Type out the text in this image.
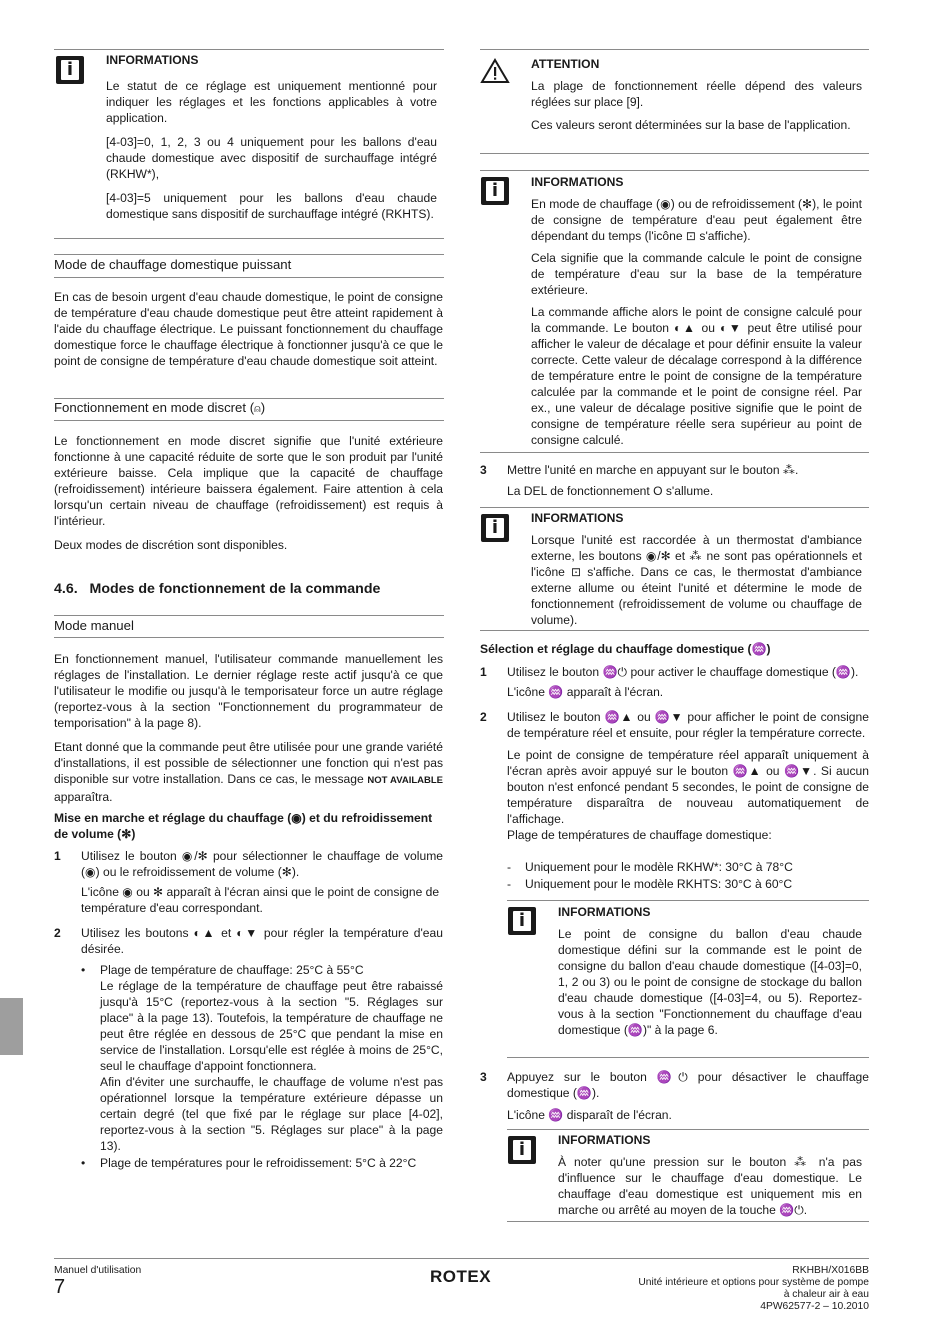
i	INFORMATIONS

Le statut de ce réglage est uniquement mentionné pour indiquer les réglages et les fonctions applicables à votre application.

[4-03]=0, 1, 2, 3 ou 4 uniquement pour les ballons d'eau chaude domestique avec dispositif de surchauffage intégré (RKHW*),

[4-03]=5 uniquement pour les ballons d'eau chaude domestique sans dispositif de surchauffage intégré (RKHTS).

Mode de chauffage domestique puissant

En cas de besoin urgent d'eau chaude domestique, le point de consigne de température d'eau chaude domestique peut être atteint rapidement à l'aide du chauffage électrique. Le puissant fonctionnement du chauffage domestique force le chauffage électrique à fonctionner jusqu'à ce que le point de consigne de température d'eau chaude domestique soit atteint.

Fonctionnement en mode discret (⍝)

Le fonctionnement en mode discret signifie que l'unité extérieure fonctionne à une capacité réduite de sorte que le son produit par l'unité extérieure baisse. Cela implique que la capacité de chauffage (refroidissement) intérieure baissera également. Faire attention à cela lorsqu'un certain niveau de chauffage (refroidissement) est requis à l'intérieur.

Deux modes de discrétion sont disponibles.

4.6. Modes de fonctionnement de la commande

Mode manuel

En fonctionnement manuel, l'utilisateur commande manuellement les réglages de l'installation. Le dernier réglage reste actif jusqu'à ce que l'utilisateur le modifie ou jusqu'à le temporisateur force un autre réglage (reportez-vous à la section "Fonctionnement du programmateur de temporisation" à la page 8).

Etant donné que la commande peut être utilisée pour une grande variété d'installations, il est possible de sélectionner une fonction qui n'est pas disponible sur votre installation. Dans ce cas, le message NOT AVAILABLE apparaîtra.

Mise en marche et réglage du chauffage (◉) et du refroidissement de volume (✻)

1 Utilisez le bouton ◉/✻ pour sélectionner le chauffage de volume (◉) ou le refroidissement de volume (✻).

L'icône ◉ ou ✻ apparaît à l'écran ainsi que le point de consigne de température d'eau correspondant.

2 Utilisez les boutons ◐▲ et ◐▼ pour régler la température d'eau désirée.

• Plage de température de chauffage: 25°C à 55°C
Le réglage de la température de chauffage peut être rabaissé jusqu'à 15°C (reportez-vous à la section "5. Réglages sur place" à la page 13). Toutefois, la température de chauffage ne peut être réglée en dessous de 25°C que pendant la mise en service de l'installation. Lorsqu'elle est réglée à moins de 25°C, seul le chauffage d'appoint fonctionnera.
Afin d'éviter une surchauffe, le chauffage de volume n'est pas opérationnel lorsque la température extérieure dépasse un certain degré (tel que fixé par le réglage sur place [4-02], reportez-vous à la section "5. Réglages sur place" à la page 13).

• Plage de températures pour le refroidissement: 5°C à 22°C

ATTENTION

La plage de fonctionnement réelle dépend des valeurs réglées sur place [9].

Ces valeurs seront déterminées sur la base de l'application.

i	INFORMATIONS

En mode de chauffage (◉) ou de refroidissement (✻), le point de consigne de température d'eau peut également être dépendant du temps (l'icône ⊡ s'affiche).

Cela signifie que la commande calcule le point de consigne de température d'eau sur la base de la température extérieure.

La commande affiche alors le point de consigne calculé pour la commande. Le bouton ◐▲ ou ◐▼ peut être utilisé pour afficher le valeur de décalage et pour définir ensuite la valeur correcte. Cette valeur de décalage correspond à la différence de température entre le point de consigne de la température calculée par la commande et le point de consigne réel. Par ex., une valeur de décalage positive signifie que le point de consigne de température réelle sera supérieur au point de consigne calculé.

3 Mettre l'unité en marche en appuyant sur le bouton ⁂.

La DEL de fonctionnement O s'allume.

i	INFORMATIONS

Lorsque l'unité est raccordée à un thermostat d'ambiance externe, les boutons ◉/✻ et ⁂ ne sont pas opérationnels et l'icône ⊡ s'affiche. Dans ce cas, le thermostat d'ambiance externe allume ou éteint l'unité et détermine le mode de fonctionnement (refroidissement de volume ou chauffage de volume).

Sélection et réglage du chauffage domestique (♒)

1 Utilisez le bouton ♒⏻ pour activer le chauffage domestique (♒).

L'icône ♒ apparaît à l'écran.

2 Utilisez le bouton ♒▲ ou ♒▼ pour afficher le point de consigne de température réel et ensuite, pour régler la température correcte.

Le point de consigne de température réel apparaît uniquement à l'écran après avoir appuyé sur le bouton ♒▲ ou ♒▼. Si aucun bouton n'est enfoncé pendant 5 secondes, le point de consigne de température disparaîtra de nouveau automatiquement de l'affichage.

Plage de températures de chauffage domestique:

- Uniquement pour le modèle RKHW*: 30°C à 78°C

- Uniquement pour le modèle RKHTS: 30°C à 60°C

i	INFORMATIONS

Le point de consigne du ballon d'eau chaude domestique défini sur la commande est le point de consigne du ballon d'eau chaude domestique ([4-03]=0, 1, 2 ou 3) ou le point de consigne de stockage du ballon d'eau chaude domestique ([4-03]=4, ou 5). Reportez-vous à la section "Fonctionnement du chauffage d'eau domestique (♒)" à la page 6.

3 Appuyez sur le bouton ♒⏻ pour désactiver le chauffage domestique (♒).

L'icône ♒ disparaît de l'écran.

i	INFORMATIONS

À noter qu'une pression sur le bouton ⁂ n'a pas d'influence sur le chauffage d'eau domestique. Le chauffage d'eau domestique est uniquement mis en marche ou arrêté au moyen de la touche ♒⏻.

Manuel d'utilisation

7	ROTEX	RKHBH/X016BB

Unité intérieure et options pour système de pompe

à chaleur air à eau

4PW62577-2 – 10.2010
